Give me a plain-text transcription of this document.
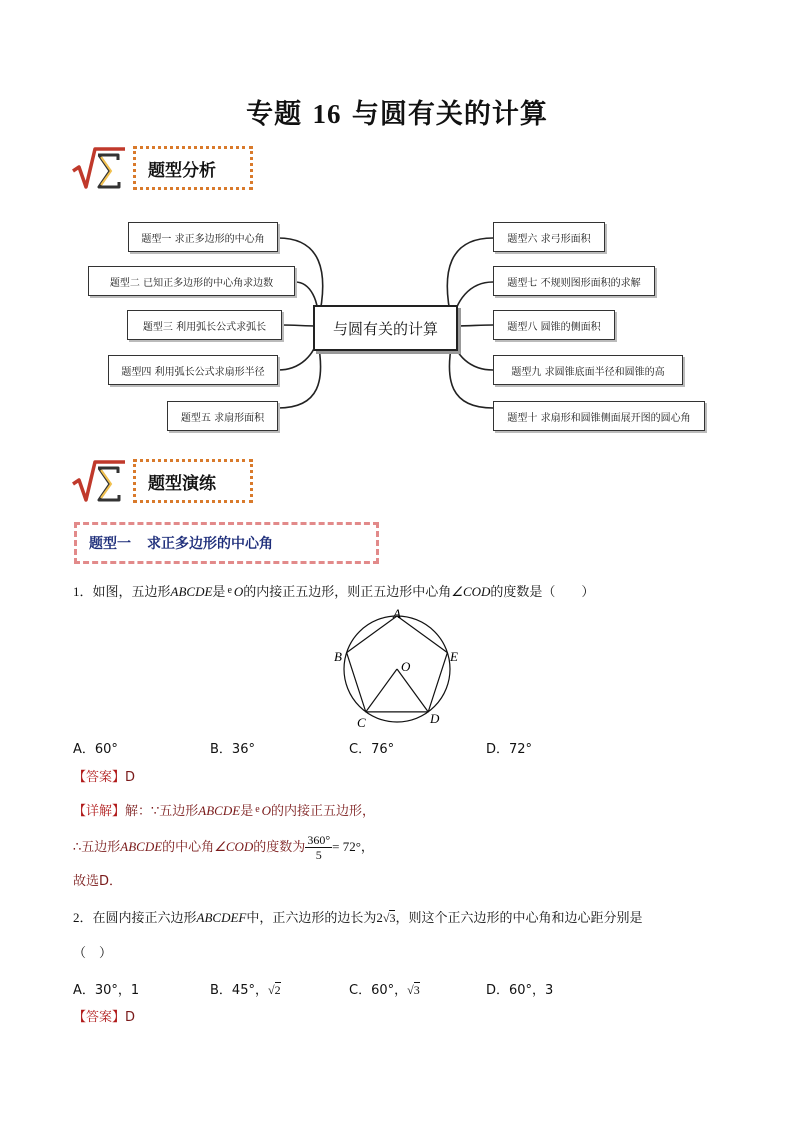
专题 16 与圆有关的计算
题型分析
题型一 求正多边形的中心角
题型二 已知正多边形的中心角求边数
题型三 利用弧长公式求弧长
题型四 利用弧长公式求扇形半径
题型五 求扇形面积
与圆有关的计算
题型六 求弓形面积
题型七 不规则图形面积的求解
题型八 圆锥的侧面积
题型九 求圆锥底面半径和圆锥的高
题型十 求扇形和圆锥侧面展开图的圆心角
题型演练
题型一 求正多边形的中心角
1．如图，五边形ABCDE是 $^e$ O的内接正五边形，则正五边形中心角∠COD的度数是（　　）
A
B	E
C	D
O
A．60°	B．36°	C．76°	D．72°
【答案】D
【详解】解：∵五边形ABCDE是 $^e$ O的内接正五边形，
∴五边形ABCDE的中心角∠COD的度数为 $\frac{360^\circ}{5} = 72^\circ$，
故选D．
2．在圆内接正六边形ABCDEF中，正六边形的边长为2√3，则这个正六边形的中心角和边心距分别是
（　）
A．30°，1	B．45°，√2	C．60°，√3	D．60°，3
【答案】D
